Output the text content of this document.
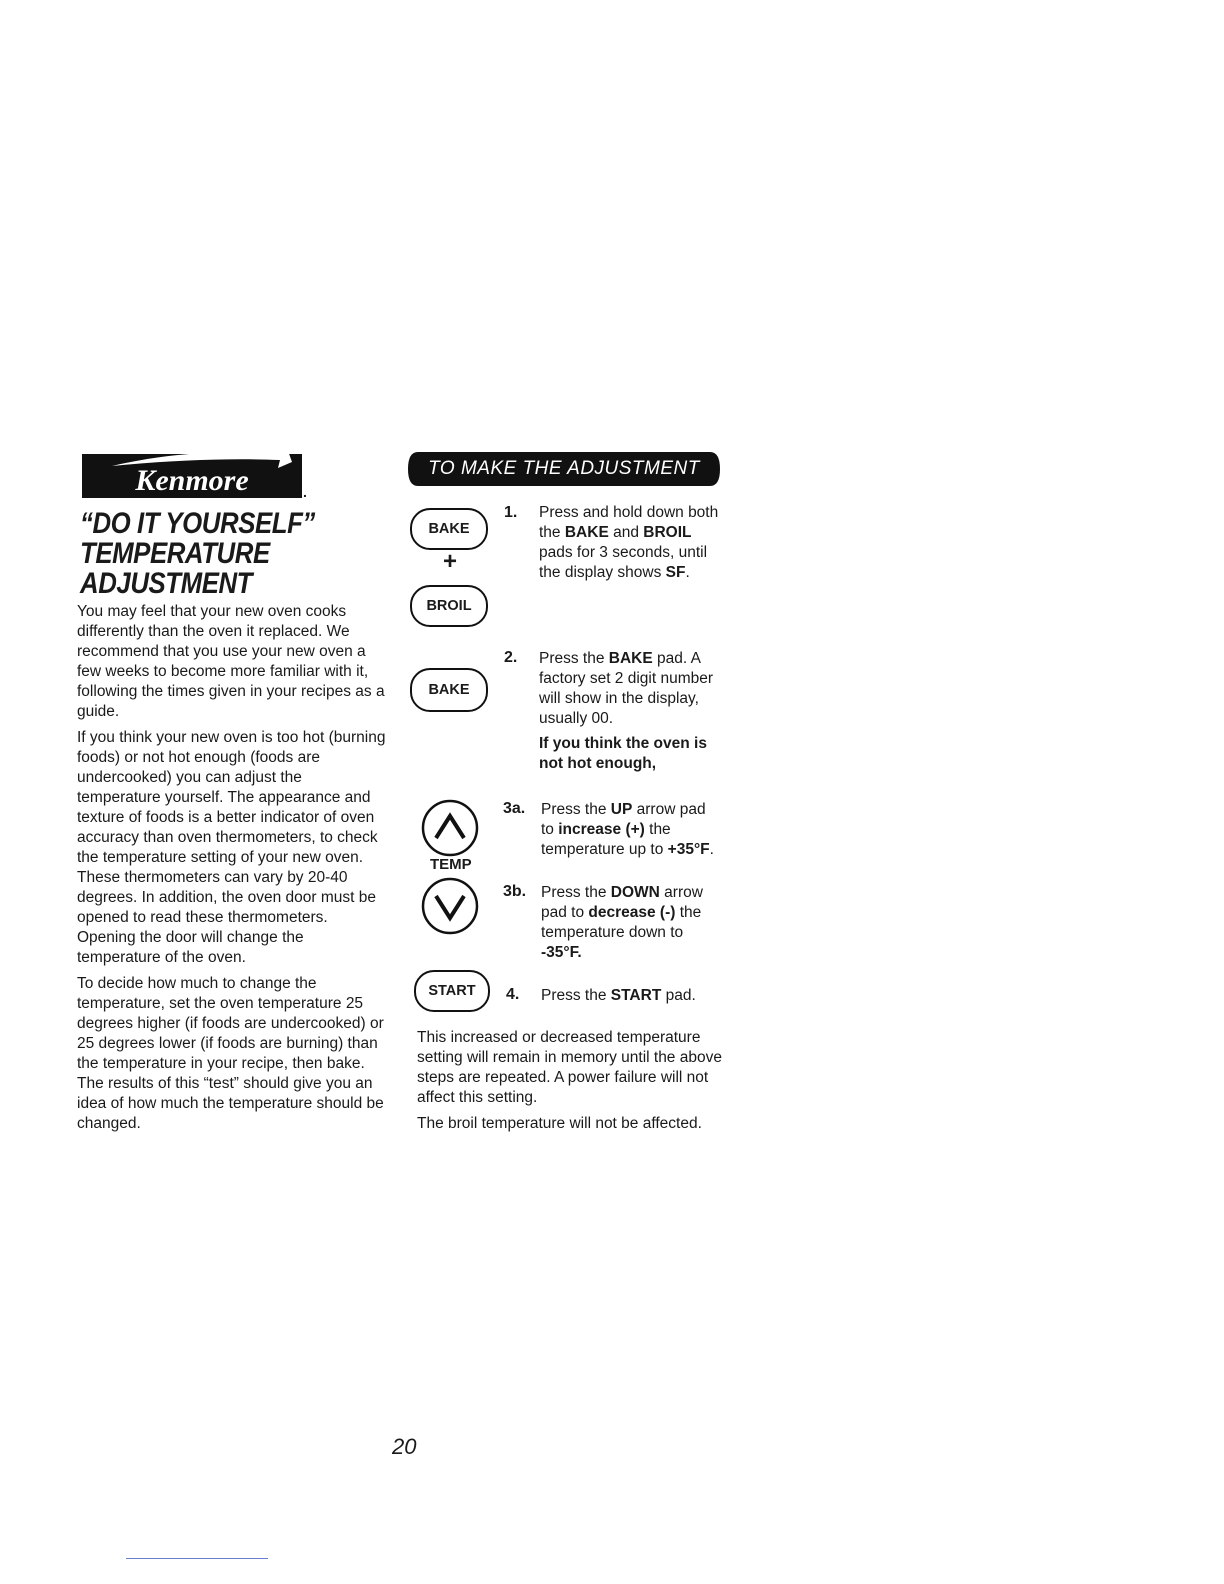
Kenmore	.
“DO IT YOURSELF”
TEMPERATURE
ADJUSTMENT

You may feel that your new oven cooks differently than the oven it replaced. We recommend that you use your new oven a few weeks to become more familiar with it, following the times given in your recipes as a guide.

If you think your new oven is too hot (burning foods) or not hot enough (foods are undercooked) you can adjust the temperature yourself. The appearance and texture of foods is a better indicator of oven accuracy than oven thermometers, to check the temperature setting of your new oven. These thermometers can vary by 20-40 degrees. In addition, the oven door must be opened to read these thermometers. Opening the door will change the temperature of the oven.

To decide how much to change the temperature, set the oven temperature 25 degrees higher (if foods are undercooked) or 25 degrees lower (if foods are burning) than the temperature in your recipe, then bake. The results of this “test” should give you an idea of how much the temperature should be changed.

TO MAKE THE ADJUSTMENT
BAKE
+
BROIL
BAKE
TEMP
START
1. Press and hold down both the BAKE and BROIL pads for 3 seconds, until the display shows SF.
2. Press the BAKE pad. A factory set 2 digit number will show in the display, usually 00.
If you think the oven is not hot enough,
3a. Press the UP arrow pad to increase (+) the temperature up to +35°F.
3b. Press the DOWN arrow pad to decrease (-) the temperature down to -35°F.
4. Press the START pad.

This increased or decreased temperature setting will remain in memory until the above steps are repeated. A power failure will not affect this setting.

The broil temperature will not be affected.

20
